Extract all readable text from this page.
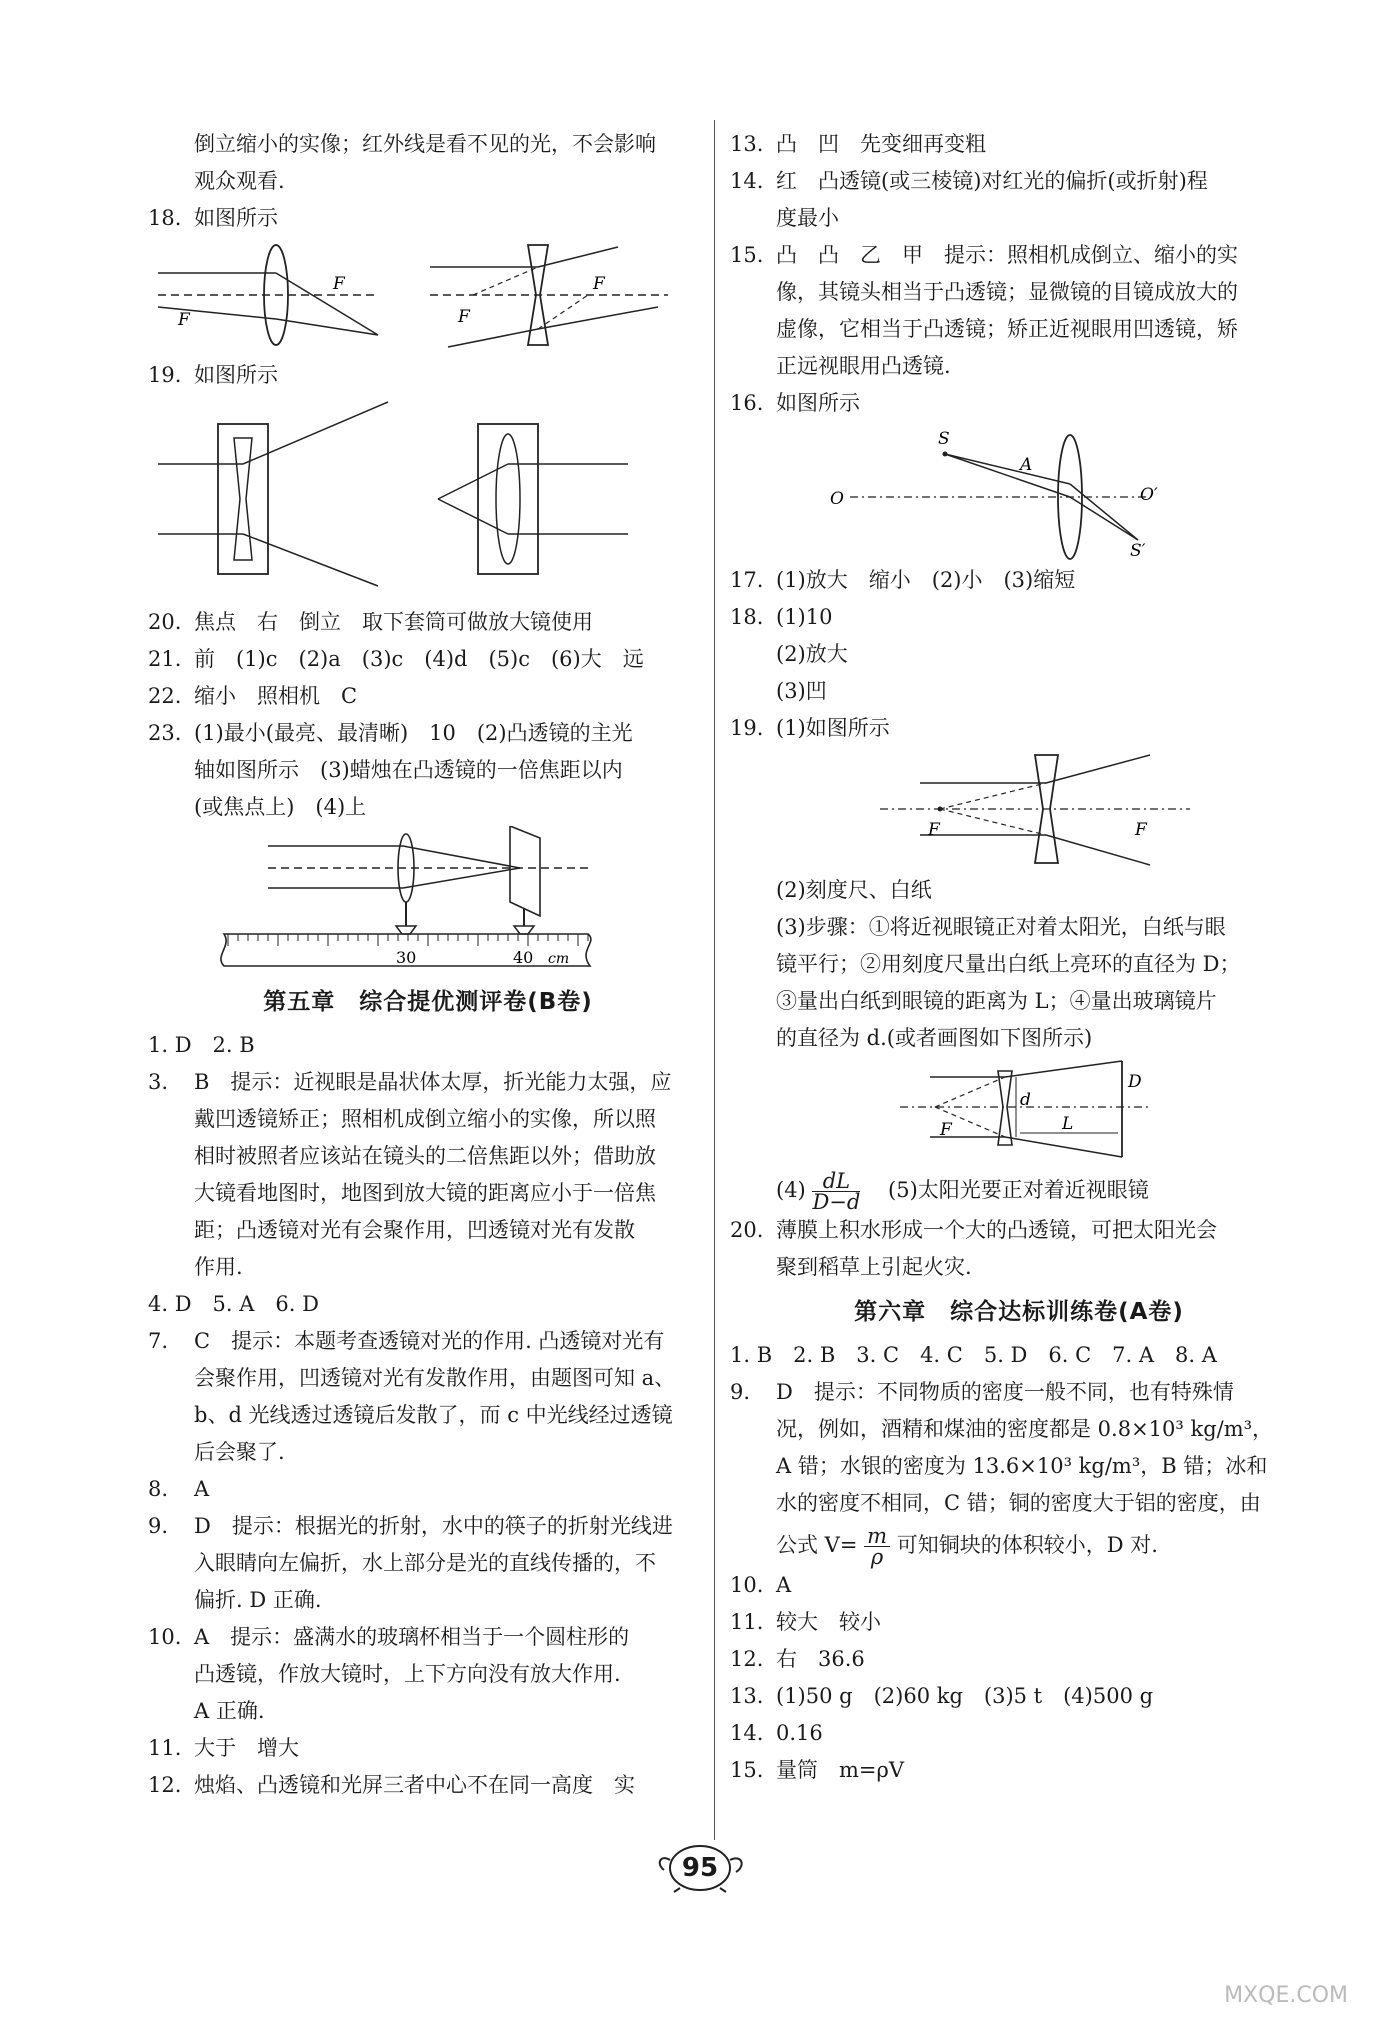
倒立缩小的实像；红外线是看不见的光，不会影响
观众观看.
18. 如图所示
F
F
F
F
19. 如图所示
20. 焦点　右　倒立　取下套筒可做放大镜使用
21. 前　(1)c　(2)a　(3)c　(4)d　(5)c　(6)大　远
22. 缩小　照相机　C
23. (1)最小(最亮、最清晰)　10　(2)凸透镜的主光
轴如图所示　(3)蜡烛在凸透镜的一倍焦距以内
(或焦点上)　(4)上
30	40 cm
第五章　综合提优测评卷(B卷)
1. D　2. B
3. B　提示：近视眼是晶状体太厚，折光能力太强，应
戴凹透镜矫正；照相机成倒立缩小的实像，所以照
相时被照者应该站在镜头的二倍焦距以外；借助放
大镜看地图时，地图到放大镜的距离应小于一倍焦
距；凸透镜对光有会聚作用，凹透镜对光有发散
作用.
4. D　5. A　6. D
7. C　提示：本题考查透镜对光的作用. 凸透镜对光有
会聚作用，凹透镜对光有发散作用，由题图可知 a、
b、d 光线透过透镜后发散了，而 c 中光线经过透镜
后会聚了.
8. A
9. D　提示：根据光的折射，水中的筷子的折射光线进
入眼睛向左偏折，水上部分是光的直线传播的，不
偏折. D 正确.
10. A　提示：盛满水的玻璃杯相当于一个圆柱形的
凸透镜，作放大镜时，上下方向没有放大作用.
A 正确.
11. 大于　增大
12. 烛焰、凸透镜和光屏三者中心不在同一高度　实
13. 凸　凹　先变细再变粗
14. 红　凸透镜(或三棱镜)对红光的偏折(或折射)程
度最小
15. 凸　凸　乙　甲　提示：照相机成倒立、缩小的实
像，其镜头相当于凸透镜；显微镜的目镜成放大的
虚像，它相当于凸透镜；矫正近视眼用凹透镜，矫
正远视眼用凸透镜.
16. 如图所示
S
A
O	O′
S′
17. (1)放大　缩小　(2)小　(3)缩短
18. (1)10
(2)放大
(3)凹
19. (1)如图所示
F	F
(2)刻度尺、白纸
(3)步骤：①将近视眼镜正对着太阳光，白纸与眼
镜平行；②用刻度尺量出白纸上亮环的直径为 D；
③量出白纸到眼镜的距离为 L；④量出玻璃镜片
的直径为 d.(或者画图如下图所示)
F
d
D
L
$(4) \frac{dL}{D-d}$ 　(5)太阳光要正对着近视眼镜
20. 薄膜上积水形成一个大的凸透镜，可把太阳光会
聚到稻草上引起火灾.
第六章　综合达标训练卷(A卷)
1. B　2. B　3. C　4. C　5. D　6. C　7. A　8. A
9. D　提示：不同物质的密度一般不同，也有特殊情
况，例如，酒精和煤油的密度都是 0.8×10³ kg/m³，
A 错；水银的密度为 13.6×10³ kg/m³，B 错；冰和
水的密度不相同，C 错；铜的密度大于铝的密度，由
公式 $V= \frac{m}{\rho}$ 可知铜块的体积较小，D 对.
10. A
11. 较大　较小
12. 右　36.6
13. (1)50 g　(2)60 kg　(3)5 t　(4)500 g
14. 0.16
15. 量筒　m=ρV
95
MXQE.COM
